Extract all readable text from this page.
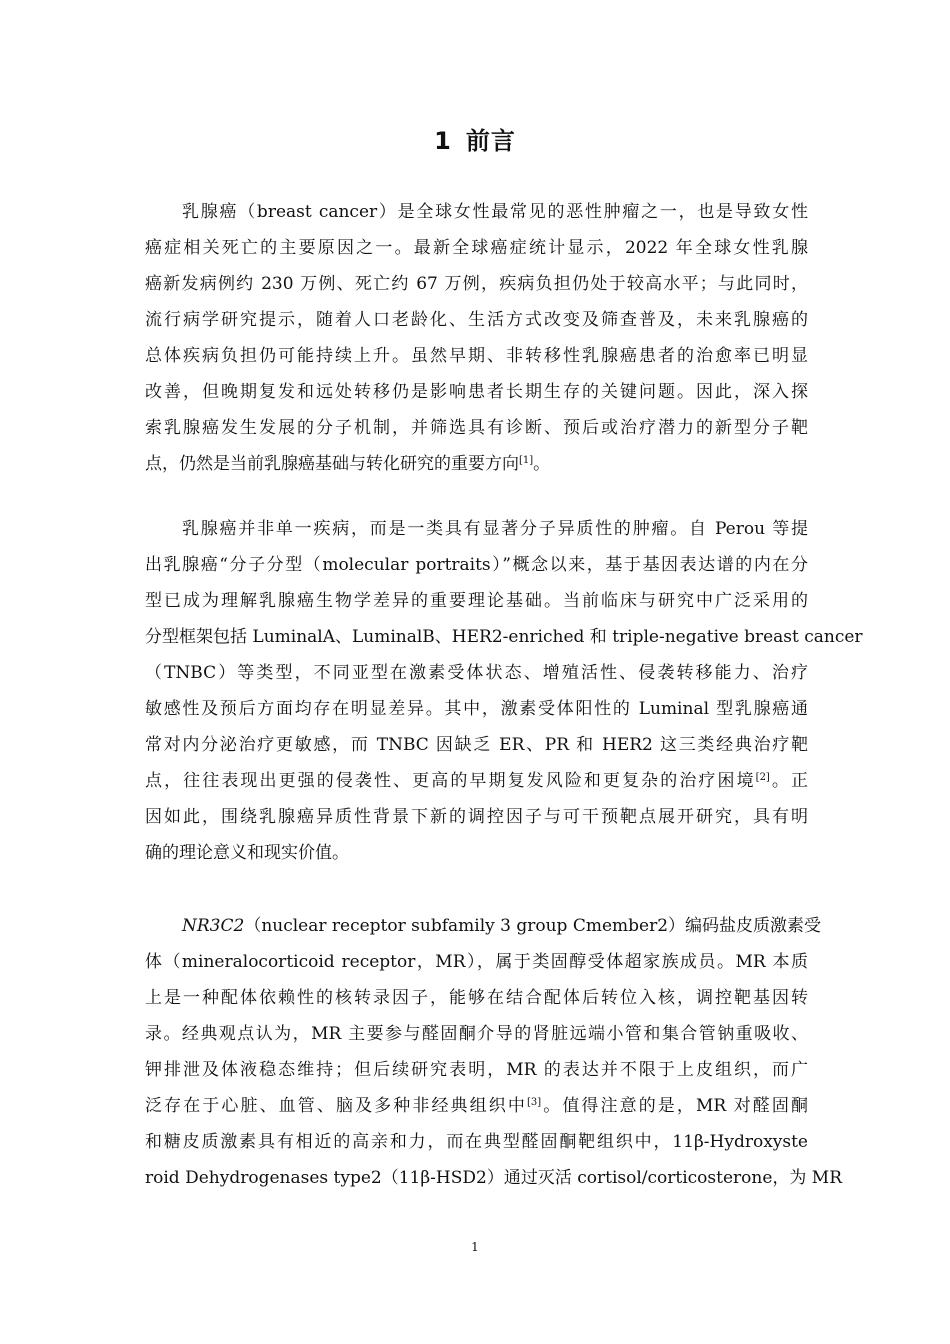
1 前言
乳腺癌（breast cancer）是全球女性最常见的恶性肿瘤之一，也是导致女性
癌症相关死亡的主要原因之一。最新全球癌症统计显示，2022 年全球女性乳腺
癌新发病例约 230 万例、死亡约 67 万例，疾病负担仍处于较高水平；与此同时，
流行病学研究提示，随着人口老龄化、生活方式改变及筛查普及，未来乳腺癌的
总体疾病负担仍可能持续上升。虽然早期、非转移性乳腺癌患者的治愈率已明显
改善，但晚期复发和远处转移仍是影响患者长期生存的关键问题。因此，深入探
索乳腺癌发生发展的分子机制，并筛选具有诊断、预后或治疗潜力的新型分子靶
点，仍然是当前乳腺癌基础与转化研究的重要方向[1]。
乳腺癌并非单一疾病，而是一类具有显著分子异质性的肿瘤。自 Perou 等提
出乳腺癌“分子分型（molecular portraits）”概念以来，基于基因表达谱的内在分
型已成为理解乳腺癌生物学差异的重要理论基础。当前临床与研究中广泛采用的
分型框架包括 LuminalA、LuminalB、HER2-enriched 和 triple-negative breast cancer
（TNBC）等类型，不同亚型在激素受体状态、增殖活性、侵袭转移能力、治疗
敏感性及预后方面均存在明显差异。其中，激素受体阳性的 Luminal 型乳腺癌通
常对内分泌治疗更敏感，而 TNBC 因缺乏 ER、PR 和 HER2 这三类经典治疗靶
点，往往表现出更强的侵袭性、更高的早期复发风险和更复杂的治疗困境[2]。正
因如此，围绕乳腺癌异质性背景下新的调控因子与可干预靶点展开研究，具有明
确的理论意义和现实价值。
NR3C2（nuclear receptor subfamily 3 group Cmember2）编码盐皮质激素受
体（mineralocorticoid receptor，MR），属于类固醇受体超家族成员。MR 本质
上是一种配体依赖性的核转录因子，能够在结合配体后转位入核，调控靶基因转
录。经典观点认为，MR 主要参与醛固酮介导的肾脏远端小管和集合管钠重吸收、
钾排泄及体液稳态维持；但后续研究表明，MR 的表达并不限于上皮组织，而广
泛存在于心脏、血管、脑及多种非经典组织中[3]。值得注意的是，MR 对醛固酮
和糖皮质激素具有相近的高亲和力，而在典型醛固酮靶组织中，11β-Hydroxyste
roid Dehydrogenases type2（11β-HSD2）通过灭活 cortisol/corticosterone，为 MR
1
